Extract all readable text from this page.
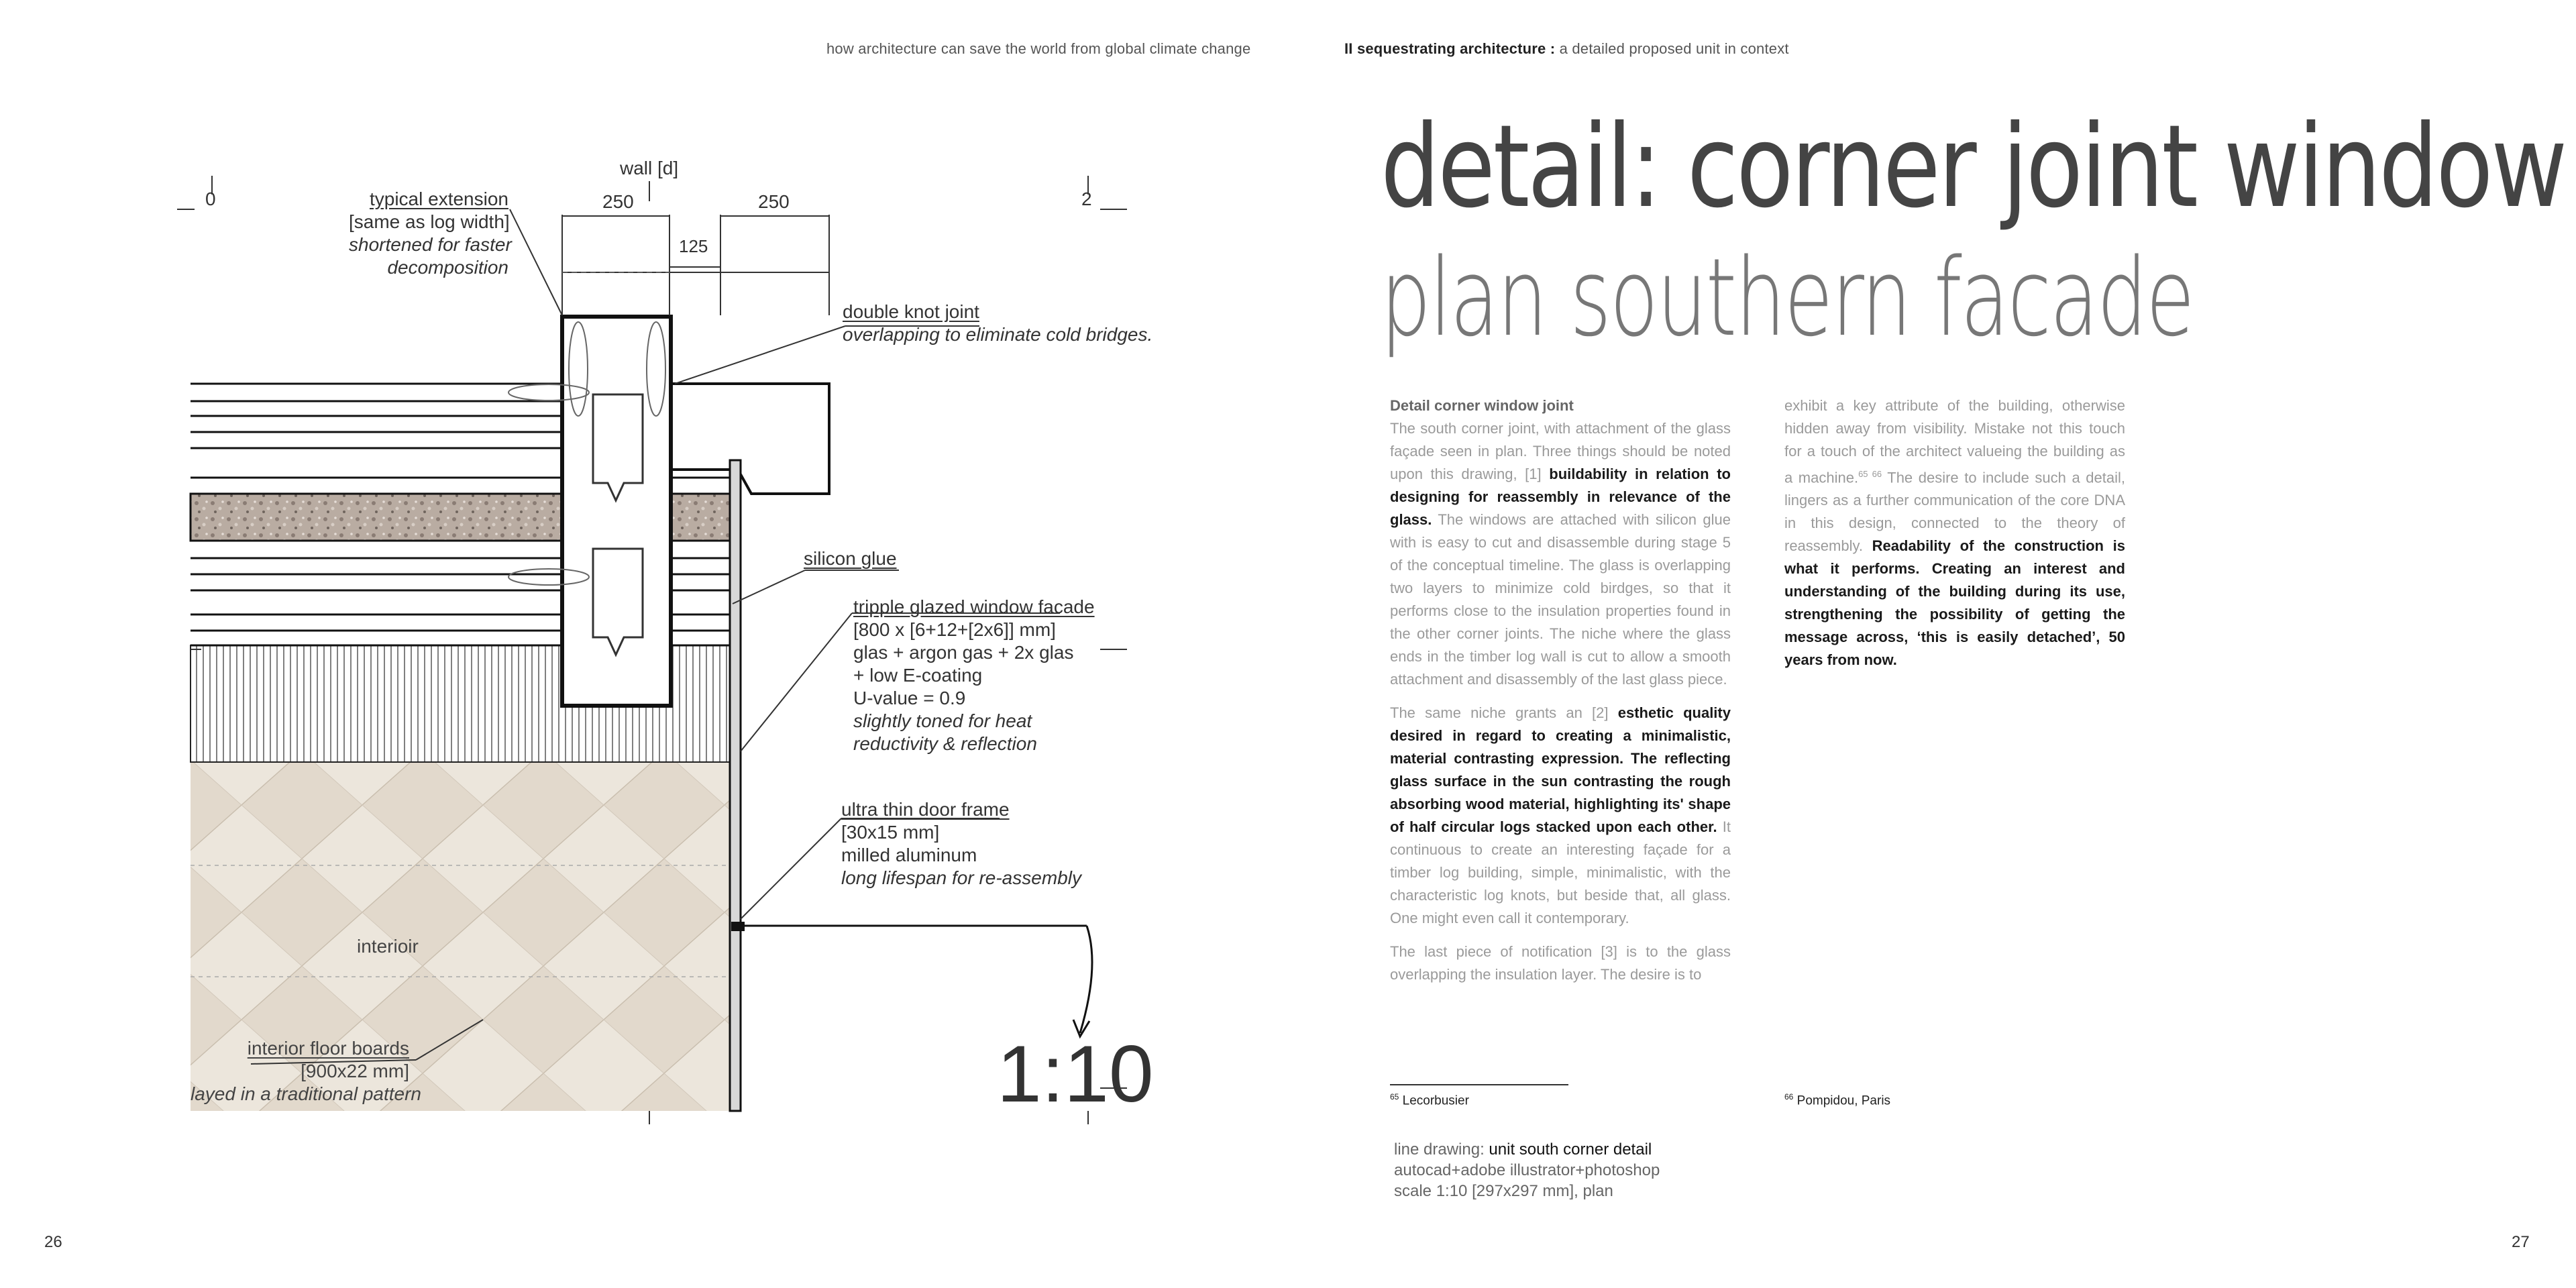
how architecture can save the world from global climate change	II sequestrating architecture : a detailed proposed unit in context
detail: corner joint window
plan southern facade

Detail corner window joint

The south corner joint, with attachment of the glass façade seen in plan. Three things should be noted upon this drawing, [1] buildability in relation to designing for reassembly in relevance of the glass. The windows are attached with silicon glue with is easy to cut and disassemble during stage 5 of the conceptual timeline. The glass is overlapping two layers to minimize cold birdges, so that it performs close to the insulation properties found in the other corner joints. The niche where the glass ends in the timber log wall is cut to allow a smooth attachment and disassembly of the last glass piece.

The same niche grants an [2] esthetic quality desired in regard to creating a minimalistic, material contrasting expression. The reflecting glass surface in the sun contrasting the rough absorbing wood material, highlighting its' shape of half circular logs stacked upon each other. It continuous to create an interesting façade for a timber log building, simple, minimalistic, with the characteristic log knots, but beside that, all glass. One might even call it contemporary.

The last piece of notification [3] is to the glass overlapping the insulation layer. The desire is to

exhibit a key attribute of the building, otherwise hidden away from visibility. Mistake not this touch for a touch of the architect valueing the building as a machine.$^{65 66}$ The desire to include such a detail, lingers as a further communication of the core DNA in this design, connected to the theory of reassembly. Readability of the construction is what it performs. Creating an interest and understanding of the building during its use, strengthening the possibility of getting the message across, ‘this is easily detached’, 50 years from now.

$^{65}$ Lecorbusier	$^{66}$ Pompidou, Paris
line drawing: unit south corner detail
autocad+adobe illustrator+photoshop
scale 1:10 [297x297 mm], plan
26	27
1:10
0	2
wall [d]
250	250
125
typical extension
[same as log width]
shortened for faster
decomposition
double knot joint
overlapping to eliminate cold bridges.
silicon glue
tripple glazed window facade
[800 x [6+12+[2x6]] mm]
glas + argon gas + 2x glas
+ low E-coating
U-value = 0.9
slightly toned for heat
reductivity & reflection
ultra thin door frame
[30x15 mm]
milled aluminum
long lifespan for re-assembly
interioir
interior floor boards
[900x22 mm]
layed in a traditional pattern
